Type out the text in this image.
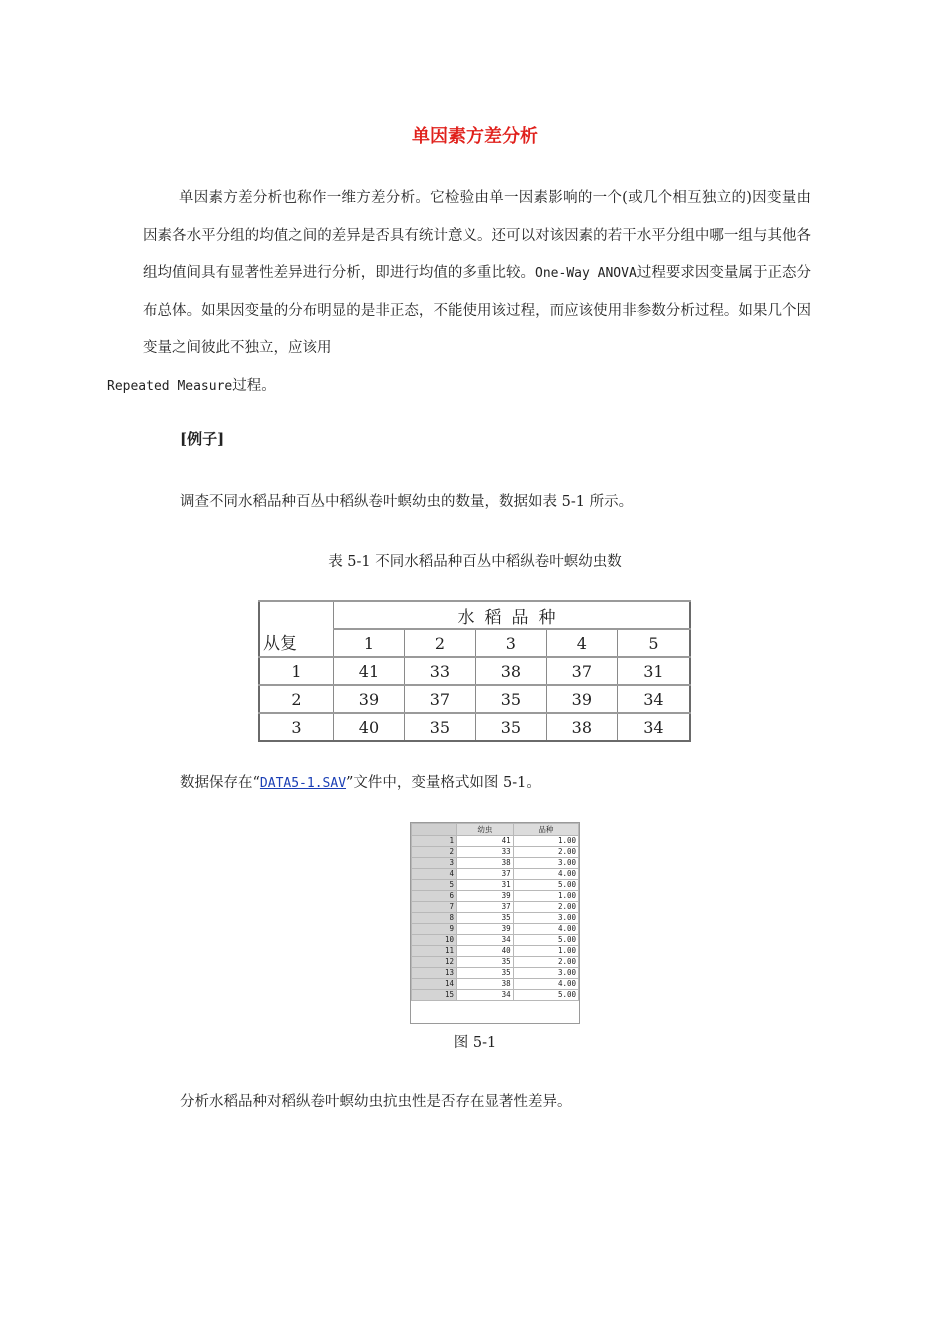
单因素方差分析
单因素方差分析也称作一维方差分析。它检验由单一因素影响的一个(或几个相互独立的)因变量由因素各水平分组的均值之间的差异是否具有统计意义。还可以对该因素的若干水平分组中哪一组与其他各组均值间具有显著性差异进行分析，即进行均值的多重比较。One-Way ANOVA过程要求因变量属于正态分布总体。如果因变量的分布明显的是非正态，不能使用该过程，而应该使用非参数分析过程。如果几个因变量之间彼此不独立，应该用
Repeated Measure过程。
[例子]
调查不同水稻品种百丛中稻纵卷叶螟幼虫的数量，数据如表 5-1 所示。
表 5-1 不同水稻品种百丛中稻纵卷叶螟幼虫数
从复	水稻品种				
	1	2	3	4	5
1	41	33	38	37	31
2	39	37	35	39	34
3	40	35	35	38	34
数据保存在“DATA5-1.SAV”文件中，变量格式如图 5-1。
	幼虫	品种
1	41	1.00
2	33	2.00
3	38	3.00
4	37	4.00
5	31	5.00
6	39	1.00
7	37	2.00
8	35	3.00
9	39	4.00
10	34	5.00
11	40	1.00
12	35	2.00
13	35	3.00
14	38	4.00
15	34	5.00
图 5-1
分析水稻品种对稻纵卷叶螟幼虫抗虫性是否存在显著性差异。
